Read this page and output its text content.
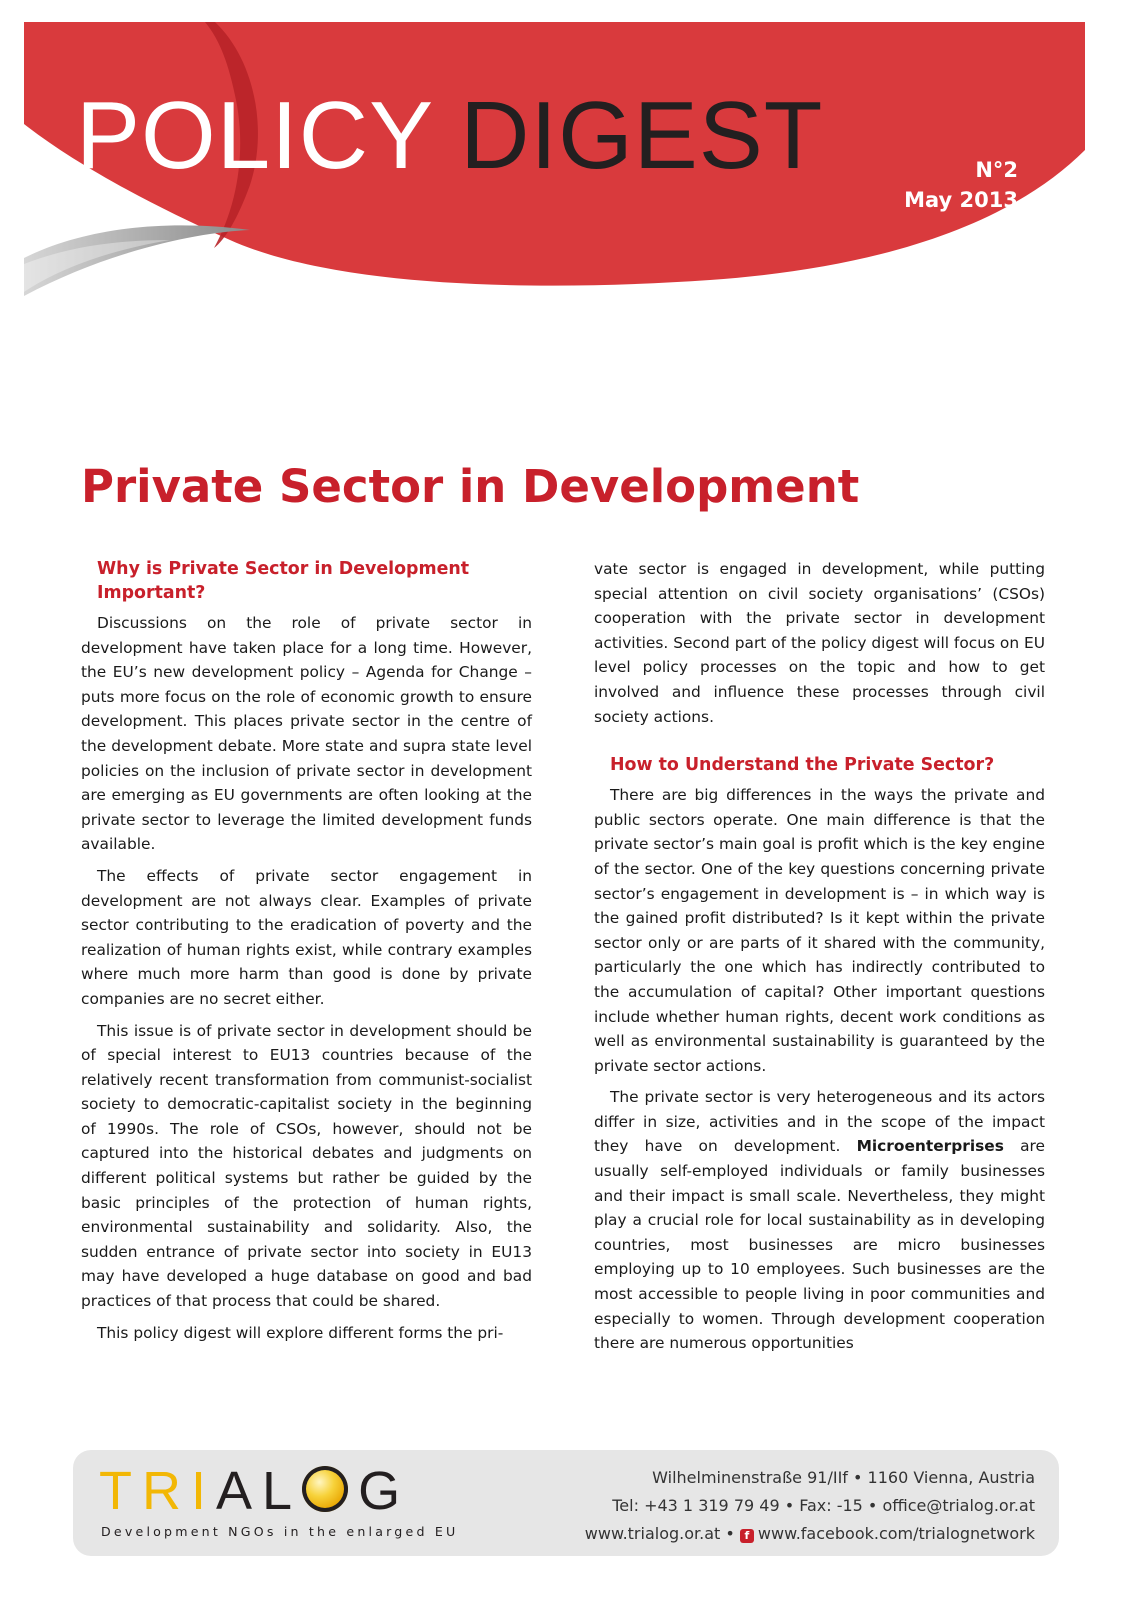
POLICY DIGEST	N°2
May 2013
Private Sector in Development
Why is Private Sector in Development Important?

Discussions on the role of private sector in development have taken place for a long time. However, the EU’s new development policy – Agenda for Change – puts more focus on the role of economic growth to ensure development. This places private sector in the centre of the development debate. More state and supra state level policies on the inclusion of private sector in development are emerging as EU governments are often looking at the private sector to leverage the limited development funds available.

The effects of private sector engagement in development are not always clear. Examples of private sector contributing to the eradication of poverty and the realization of human rights exist, while contrary examples where much more harm than good is done by private companies are no secret either.

This issue is of private sector in development should be of special interest to EU13 countries because of the relatively recent transformation from communist-socialist society to democratic-capitalist society in the beginning of 1990s. The role of CSOs, however, should not be captured into the historical debates and judgments on different political systems but rather be guided by the basic principles of the protection of human rights, environmental sustainability and solidarity. Also, the sudden entrance of private sector into society in EU13 may have developed a huge database on good and bad practices of that process that could be shared.

This policy digest will explore different forms the pri-

vate sector is engaged in development, while putting special attention on civil society organisations’ (CSOs) cooperation with the private sector in development activities. Second part of the policy digest will focus on EU level policy processes on the topic and how to get involved and influence these processes through civil society actions.

How to Understand the Private Sector?

There are big differences in the ways the private and public sectors operate. One main difference is that the private sector’s main goal is profit which is the key engine of the sector. One of the key questions concerning private sector’s engagement in development is – in which way is the gained profit distributed? Is it kept within the private sector only or are parts of it shared with the community, particularly the one which has indirectly contributed to the accumulation of capital? Other important questions include whether human rights, decent work conditions as well as environmental sustainability is guaranteed by the private sector actions.

The private sector is very heterogeneous and its actors differ in size, activities and in the scope of the impact they have on development. Microenterprises are usually self-employed individuals or family businesses and their impact is small scale. Nevertheless, they might play a crucial role for local sustainability as in developing countries, most businesses are micro businesses employing up to 10 employees. Such businesses are the most accessible to people living in poor communities and especially to women. Through development cooperation there are numerous opportunities

TRIAL G
Development NGOs in the enlarged EU
Wilhelminenstraße 91/IIf • 1160 Vienna, Austria
Tel: +43 1 319 79 49 • Fax: -15 • office@trialog.or.at
www.trialog.or.at • f www.facebook.com/trialognetwork
